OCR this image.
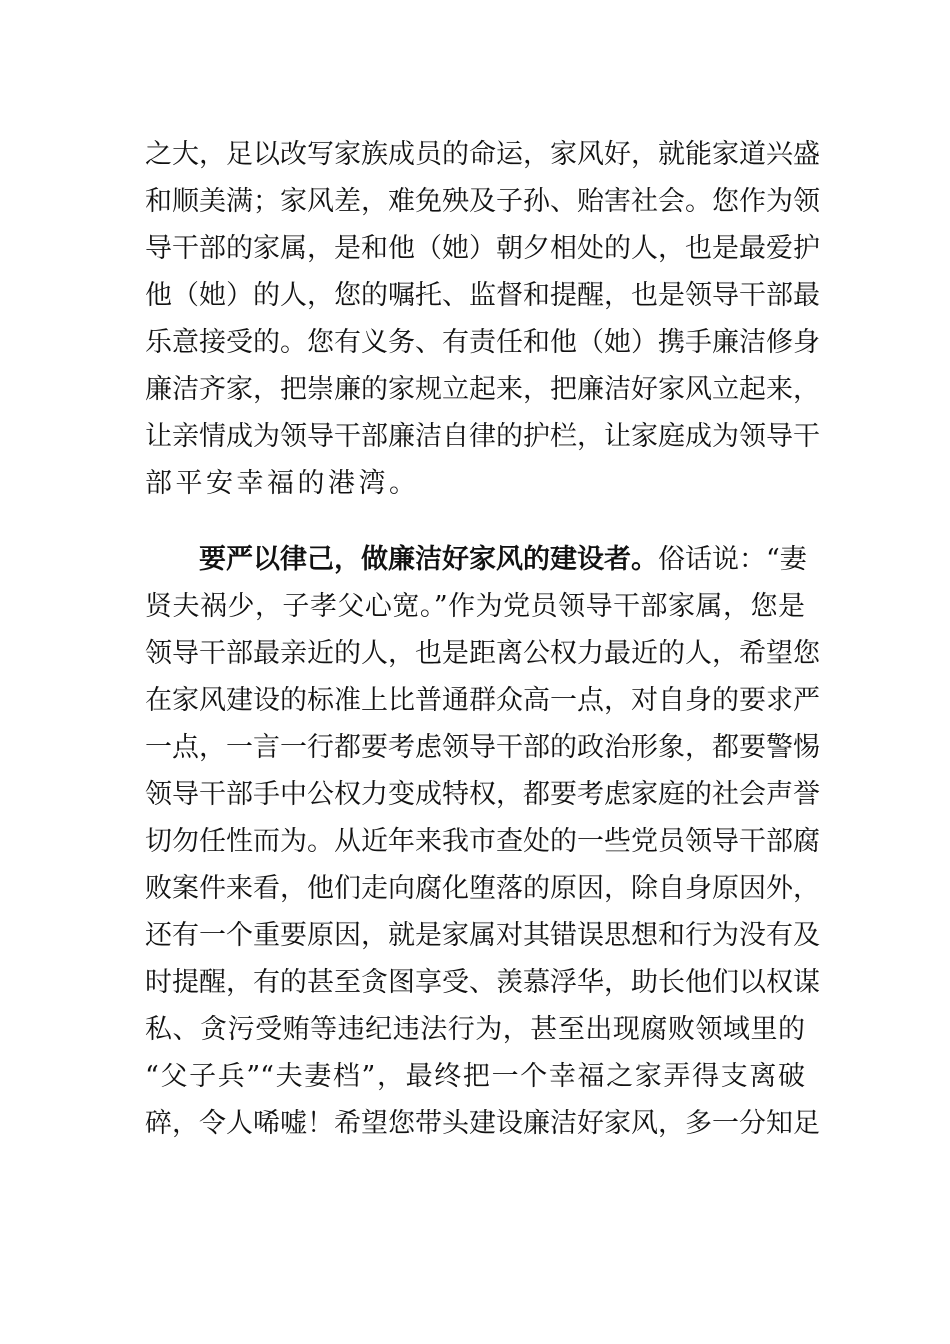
之大，足以改写家族成员的命运，家风好，就能家道兴盛
和顺美满；家风差，难免殃及子孙、贻害社会。您作为领
导干部的家属，是和他（她）朝夕相处的人，也是最爱护
他（她）的人，您的嘱托、监督和提醒，也是领导干部最
乐意接受的。您有义务、有责任和他（她）携手廉洁修身
廉洁齐家，把崇廉的家规立起来，把廉洁好家风立起来，
让亲情成为领导干部廉洁自律的护栏，让家庭成为领导干
部平安幸福的港湾。
要严以律己，做廉洁好家风的建设者。俗话说：“妻
贤夫祸少，子孝父心宽。”作为党员领导干部家属，您是
领导干部最亲近的人，也是距离公权力最近的人，希望您
在家风建设的标准上比普通群众高一点，对自身的要求严
一点，一言一行都要考虑领导干部的政治形象，都要警惕
领导干部手中公权力变成特权，都要考虑家庭的社会声誉
切勿任性而为。从近年来我市查处的一些党员领导干部腐
败案件来看，他们走向腐化堕落的原因，除自身原因外，
还有一个重要原因，就是家属对其错误思想和行为没有及
时提醒，有的甚至贪图享受、羡慕浮华，助长他们以权谋
私、贪污受贿等违纪违法行为，甚至出现腐败领域里的
“父子兵”“夫妻档”，最终把一个幸福之家弄得支离破
碎，令人唏嘘！希望您带头建设廉洁好家风，多一分知足
